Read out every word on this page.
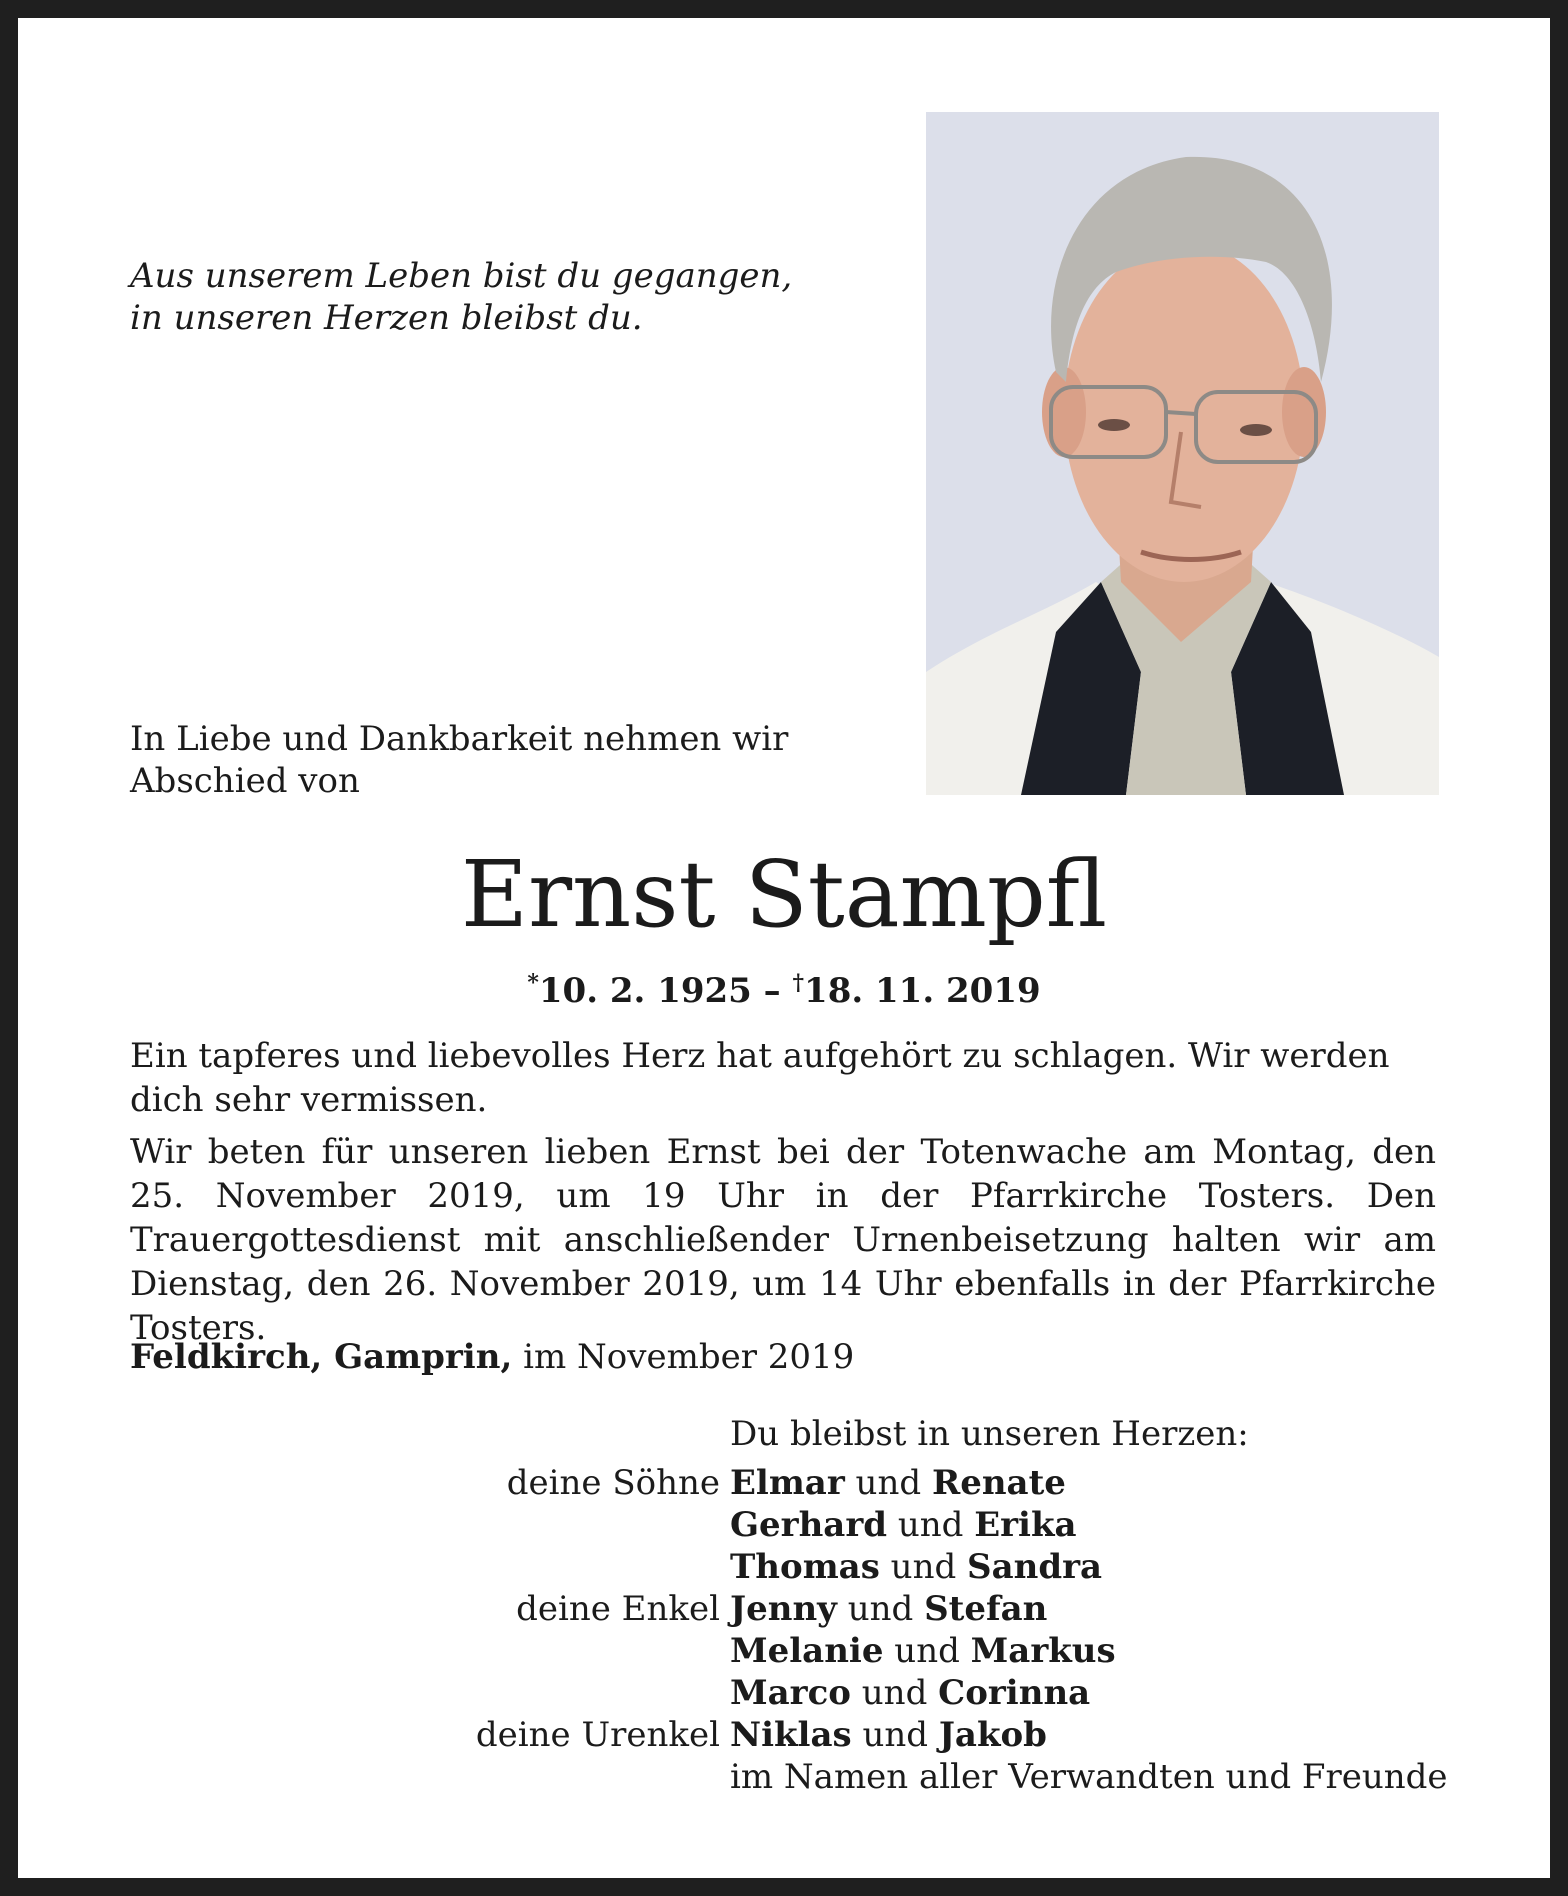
Aus unserem Leben bist du gegangen,
in unseren Herzen bleibst du.
In Liebe und Dankbarkeit nehmen wir
Abschied von
Ernst Stampfl
*10. 2. 1925 – †18. 11. 2019
Ein tapferes und liebevolles Herz hat aufgehört zu schlagen. Wir werden dich sehr vermissen.
Wir beten für unseren lieben Ernst bei der Totenwache am Montag, den 25. November 2019, um 19 Uhr in der Pfarrkirche Tosters. Den Trauergottesdienst mit anschließender Urnenbeisetzung halten wir am Dienstag, den 26. November 2019, um 14 Uhr ebenfalls in der Pfarrkirche Tosters.
Feldkirch, Gamprin, im November 2019
Du bleibst in unseren Herzen:
deine Söhne Elmar und Renate
Gerhard und Erika
Thomas und Sandra
deine Enkel Jenny und Stefan
Melanie und Markus
Marco und Corinna
deine Urenkel Niklas und Jakob
im Namen aller Verwandten und Freunde
